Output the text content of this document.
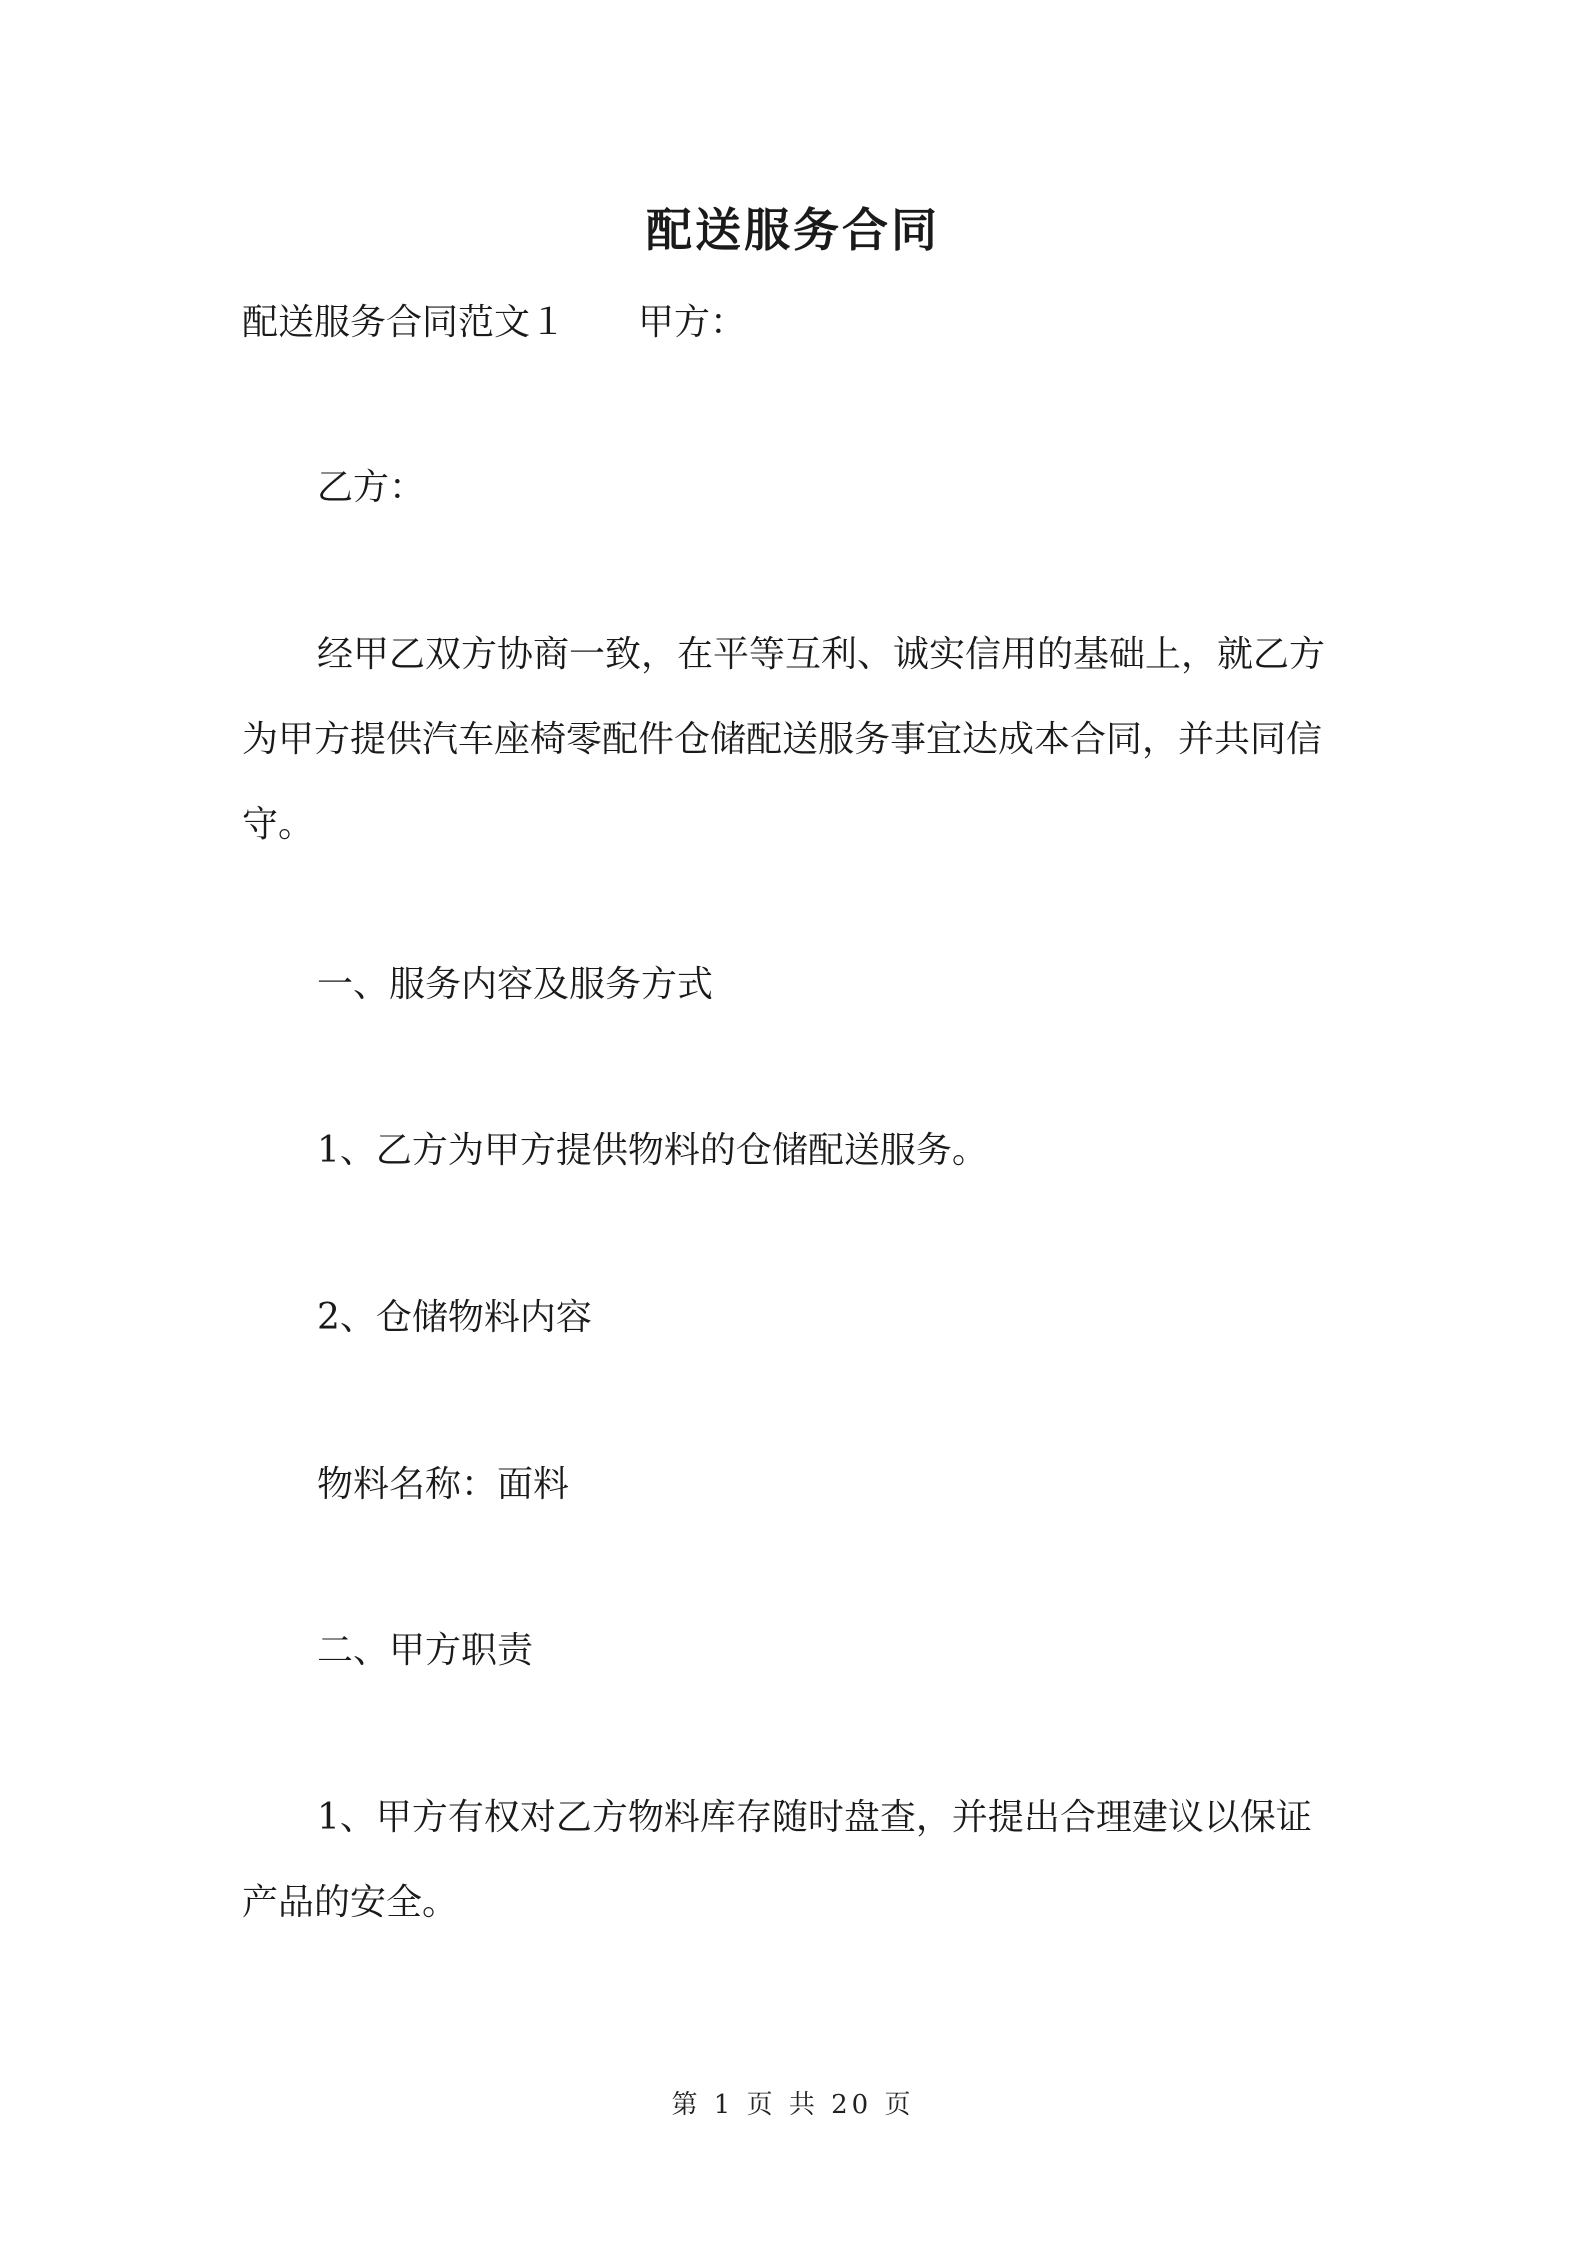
配送服务合同
配送服务合同范文１ 甲方：

乙方：

经甲乙双方协商一致，在平等互利、诚实信用的基础上，就乙方
为甲方提供汽车座椅零配件仓储配送服务事宜达成本合同，并共同信
守。

一、服务内容及服务方式

1、乙方为甲方提供物料的仓储配送服务。

2、仓储物料内容

物料名称：面料

二、甲方职责

1、甲方有权对乙方物料库存随时盘查，并提出合理建议以保证
产品的安全。
第 1 页 共 20 页
